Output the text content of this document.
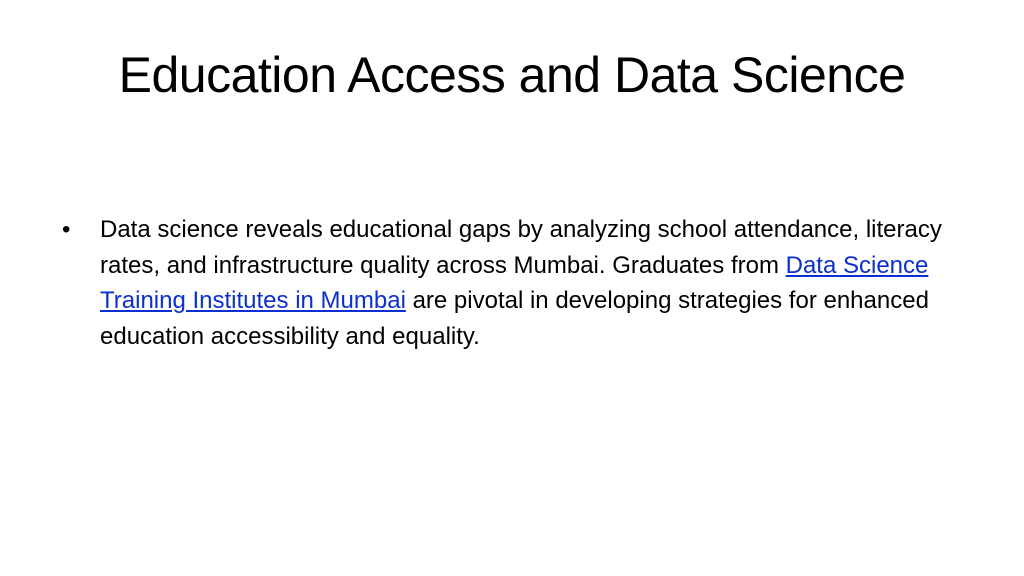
Education Access and Data Science
• Data science reveals educational gaps by analyzing school attendance, literacy rates, and infrastructure quality across Mumbai. Graduates from Data Science Training Institutes in Mumbai are pivotal in developing strategies for enhanced education accessibility and equality.
